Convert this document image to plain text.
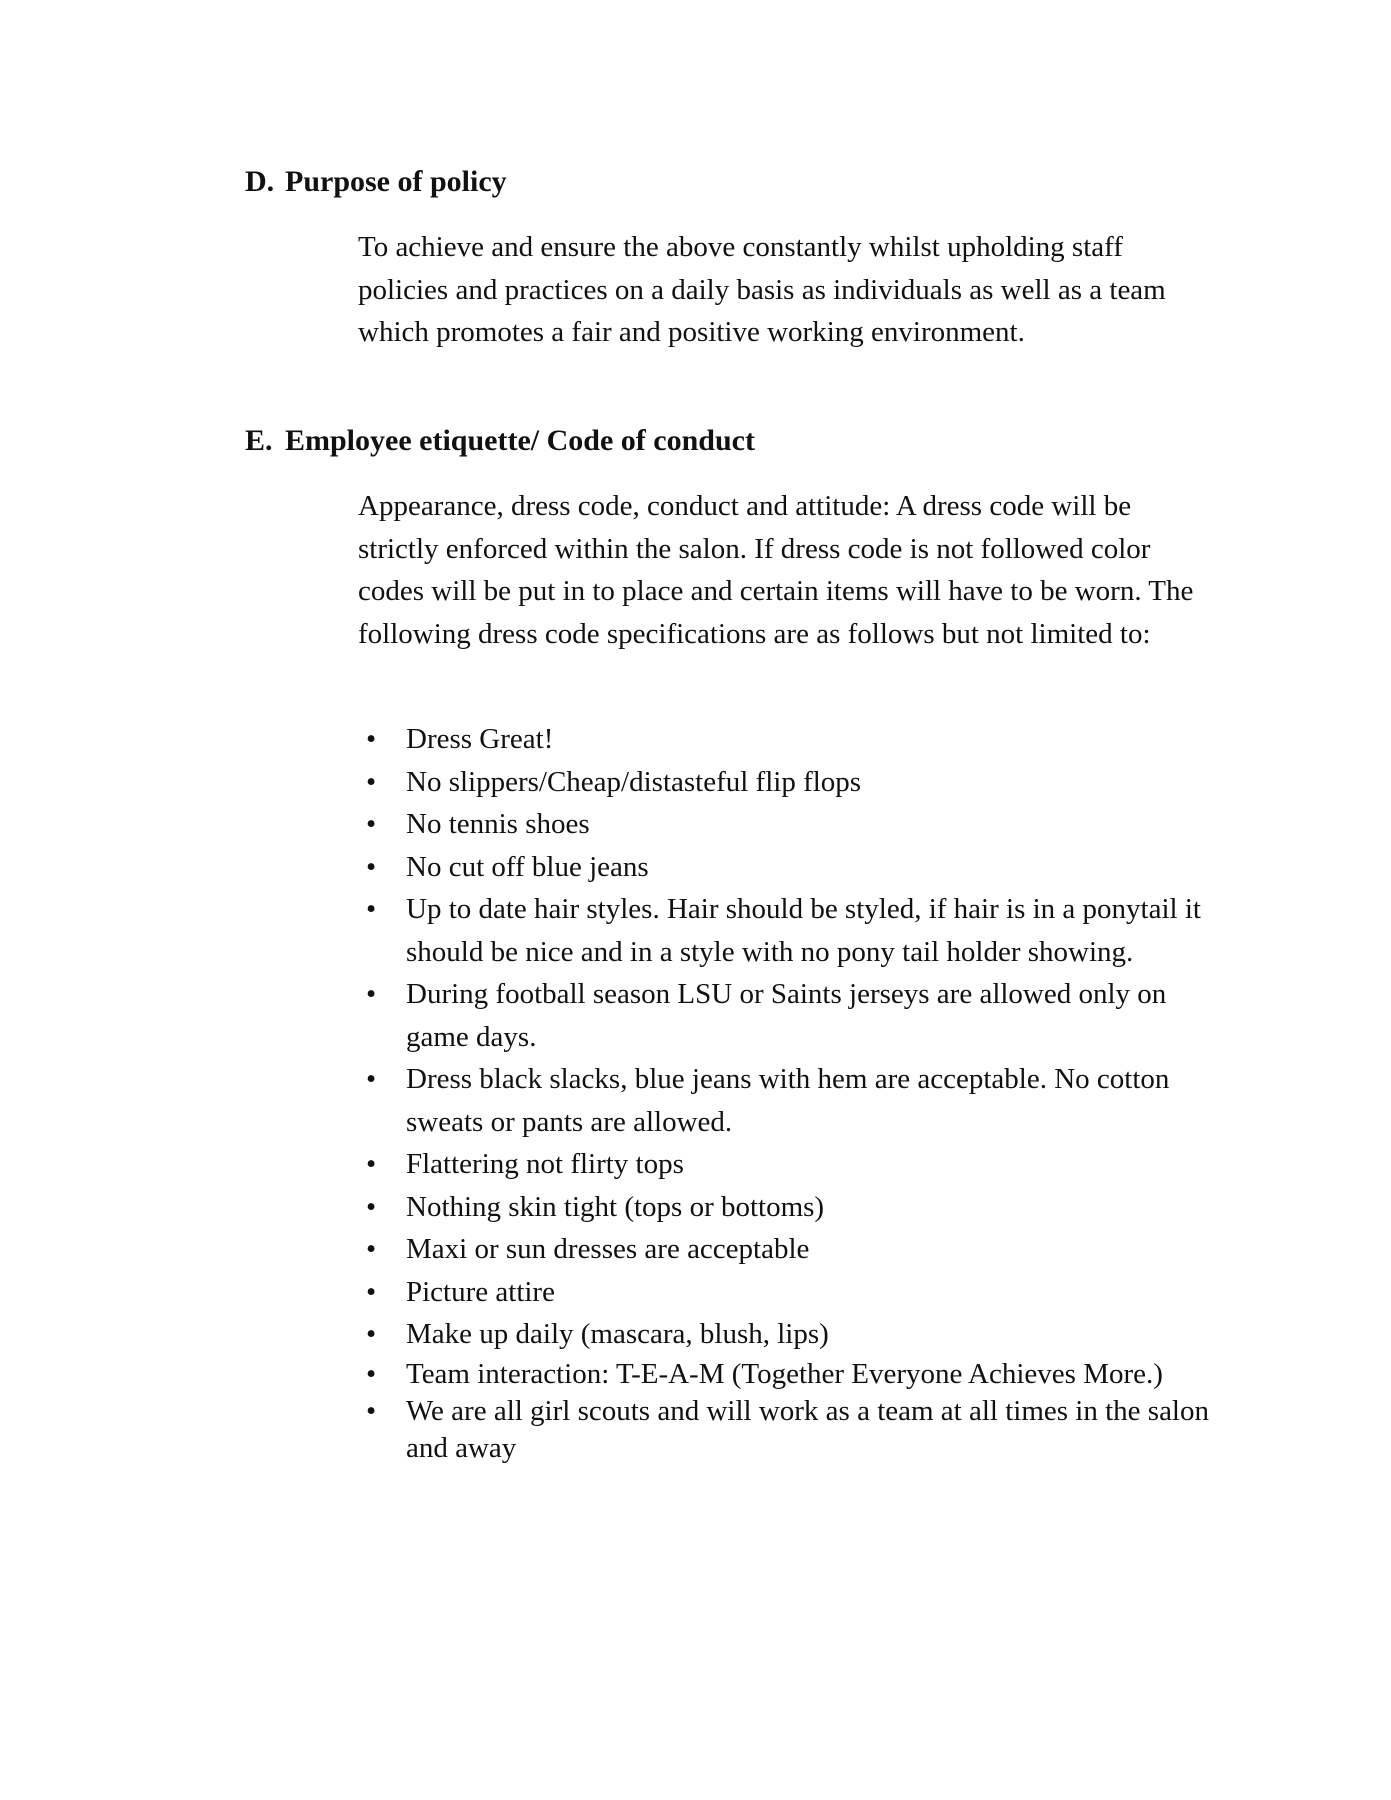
D. Purpose of policy

To achieve and ensure the above constantly whilst upholding staff policies and practices on a daily basis as individuals as well as a team which promotes a fair and positive working environment.

E. Employee etiquette/ Code of conduct

Appearance, dress code, conduct and attitude: A dress code will be strictly enforced within the salon. If dress code is not followed color codes will be put in to place and certain items will have to be worn. The following dress code specifications are as follows but not limited to:

• Dress Great!
• No slippers/Cheap/distasteful flip flops
• No tennis shoes
• No cut off blue jeans
• Up to date hair styles. Hair should be styled, if hair is in a ponytail it should be nice and in a style with no pony tail holder showing.
• During football season LSU or Saints jerseys are allowed only on game days.
• Dress black slacks, blue jeans with hem are acceptable. No cotton sweats or pants are allowed.
• Flattering not flirty tops
• Nothing skin tight (tops or bottoms)
• Maxi or sun dresses are acceptable
• Picture attire
• Make up daily (mascara, blush, lips)
• Team interaction: T-E-A-M (Together Everyone Achieves More.)
• We are all girl scouts and will work as a team at all times in the salon and away
